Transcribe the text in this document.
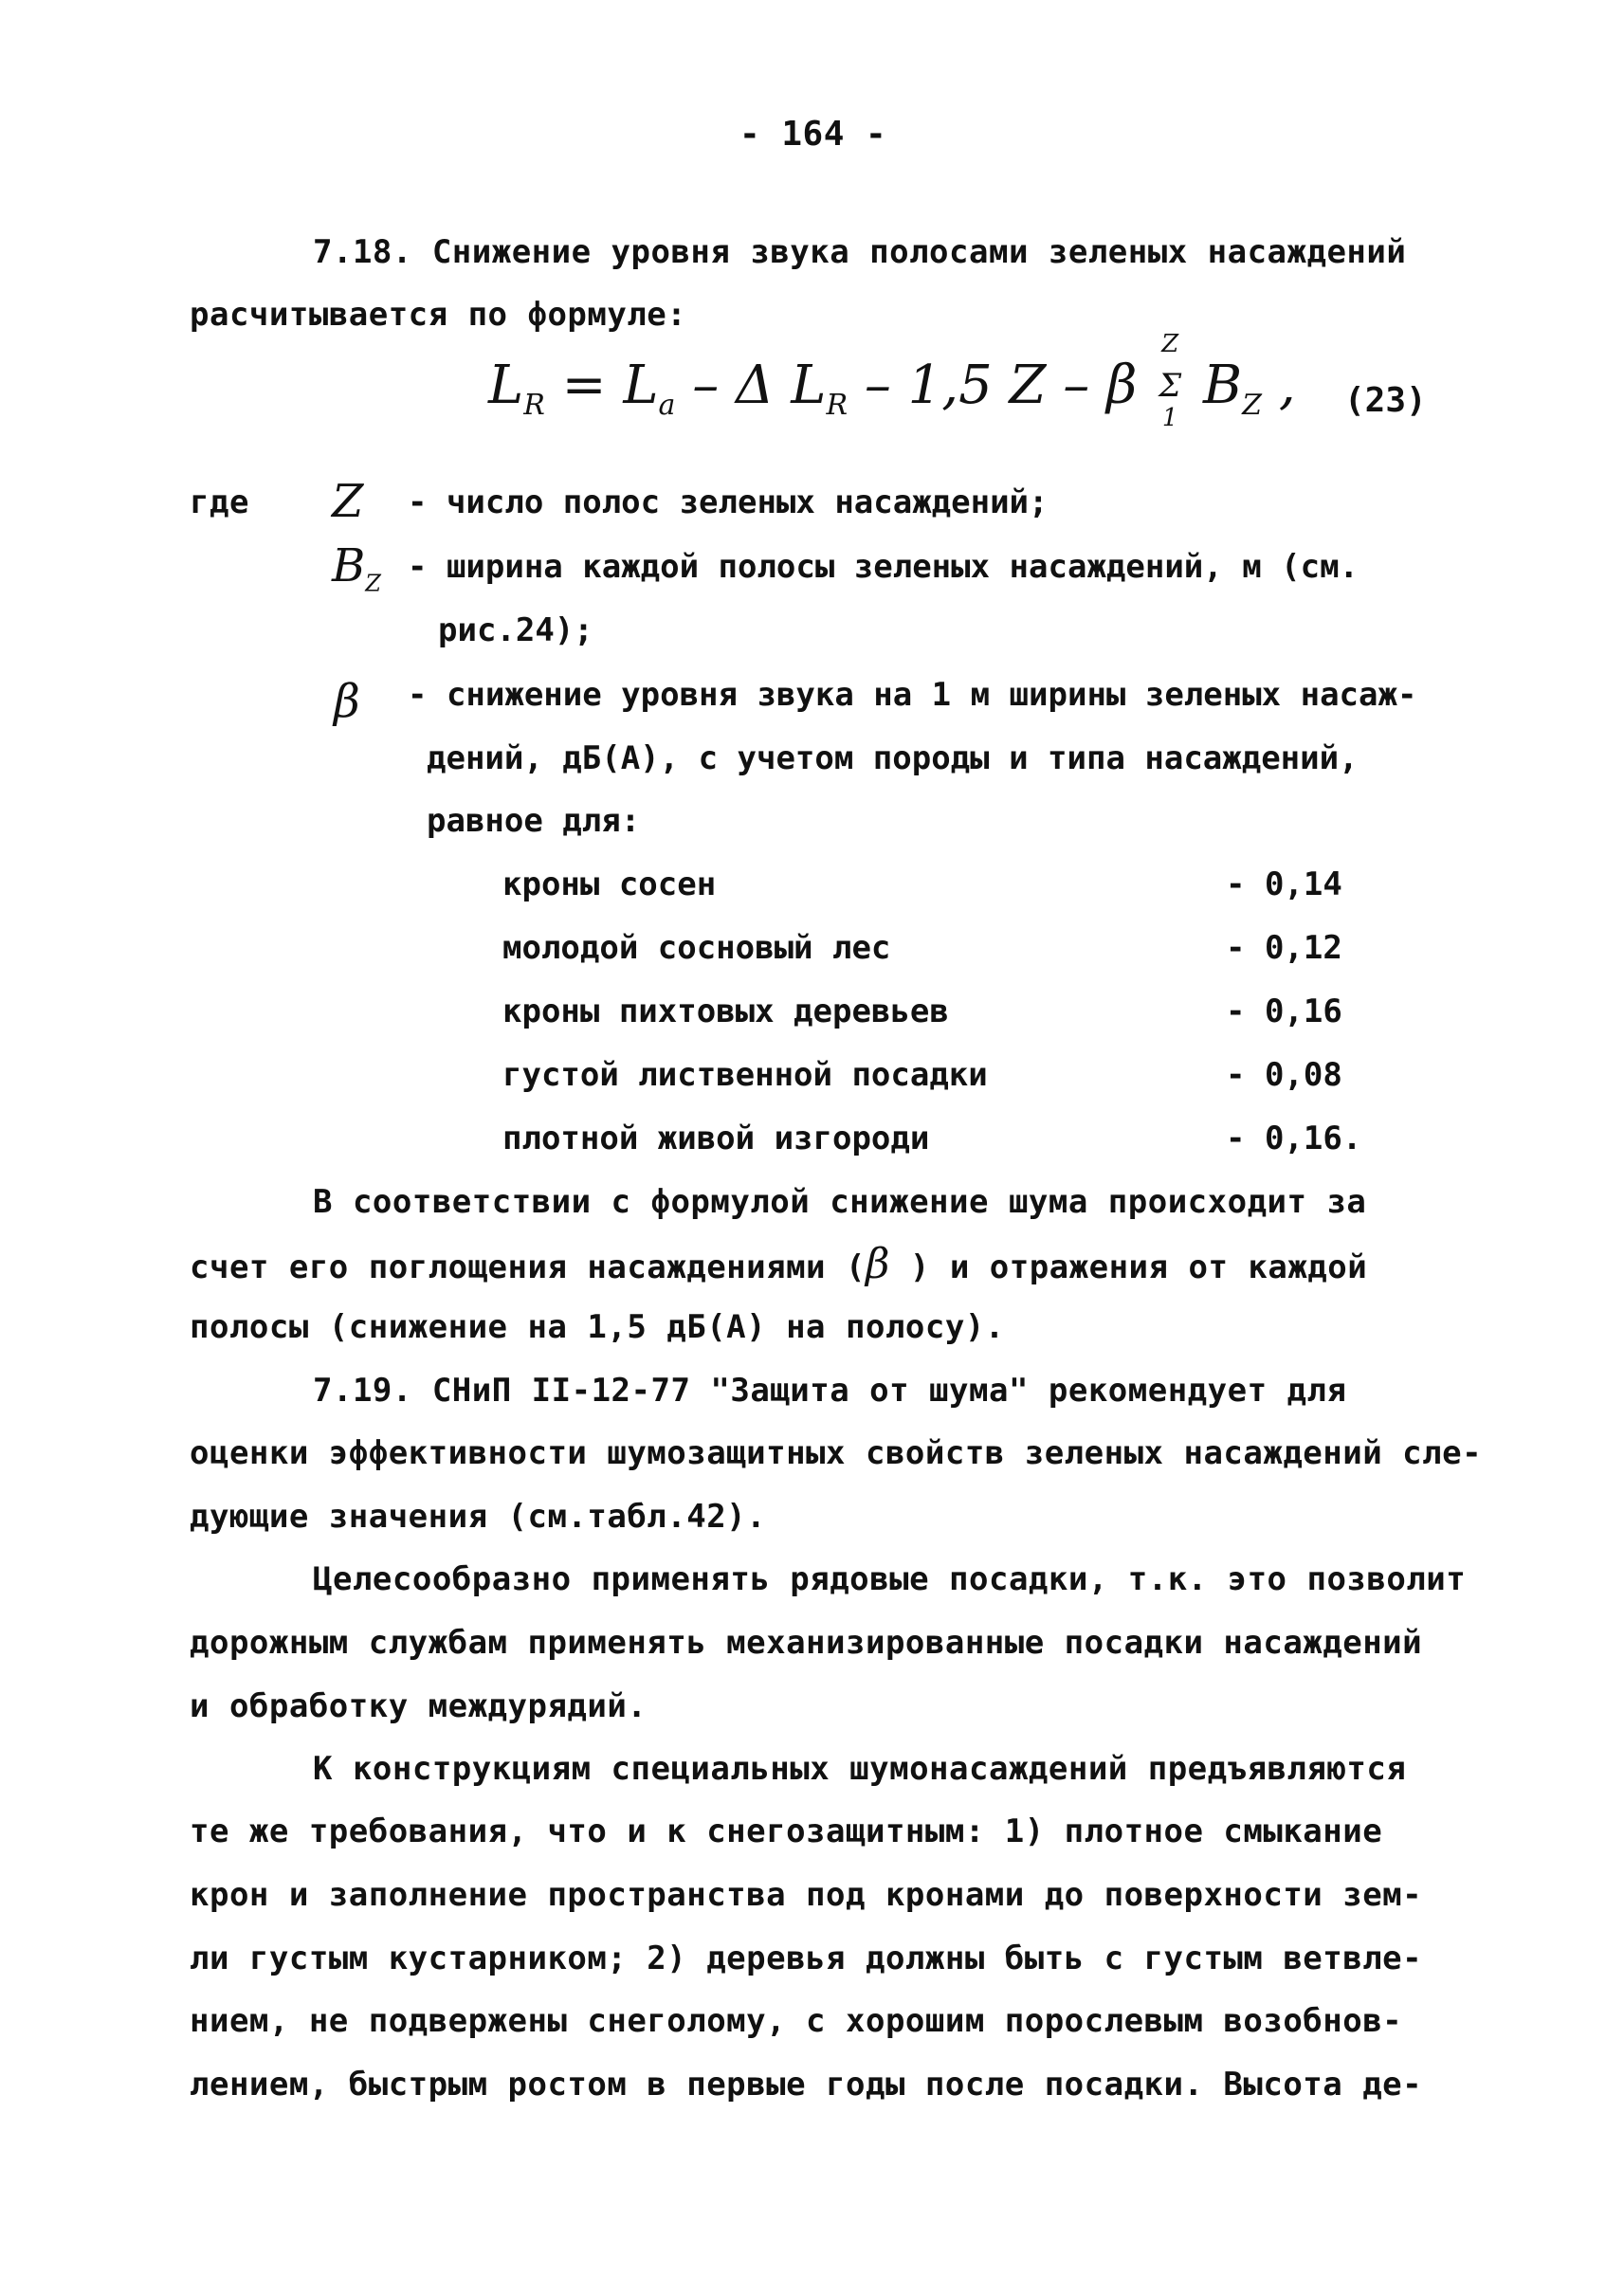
- 164 -
7.18. Снижение уровня звука полосами зеленых насаждений
расчитывается по формуле:
$L_R = L_a - \Delta$ $L_R - 1,5$ Z – β
Z
Σ
1
$B_Z$ , (23)
где Z - число полос зеленых насаждений;
$B_Z$ - ширина каждой полосы зеленых насаждений, м (см.
рис.24);
β - снижение уровня звука на 1 м ширины зеленых насаж-
дений, дБ(А), с учетом породы и типа насаждений,
равное для:
кроны сосен	- 0,14
молодой сосновый лес	- 0,12
кроны пихтовых деревьев	- 0,16
густой лиственной посадки	- 0,08
плотной живой изгороди	- 0,16.
В соответствии с формулой снижение шума происходит за
счет его поглощения насаждениями (β ) и отражения от каждой
полосы (снижение на 1,5 дБ(А) на полосу).
7.19. СНиП II-12-77 "Защита от шума" рекомендует для
оценки эффективности шумозащитных свойств зеленых насаждений сле-
дующие значения (см.табл.42).
Целесообразно применять рядовые посадки, т.к. это позволит
дорожным службам применять механизированные посадки насаждений
и обработку междурядий.
К конструкциям специальных шумонасаждений предъявляются
те же требования, что и к снегозащитным: 1) плотное смыкание
крон и заполнение пространства под кронами до поверхности зем-
ли густым кустарником; 2) деревья должны быть с густым ветвле-
нием, не подвержены снеголому, с хорошим порослевым возобнов-
лением, быстрым ростом в первые годы после посадки. Высота де-
